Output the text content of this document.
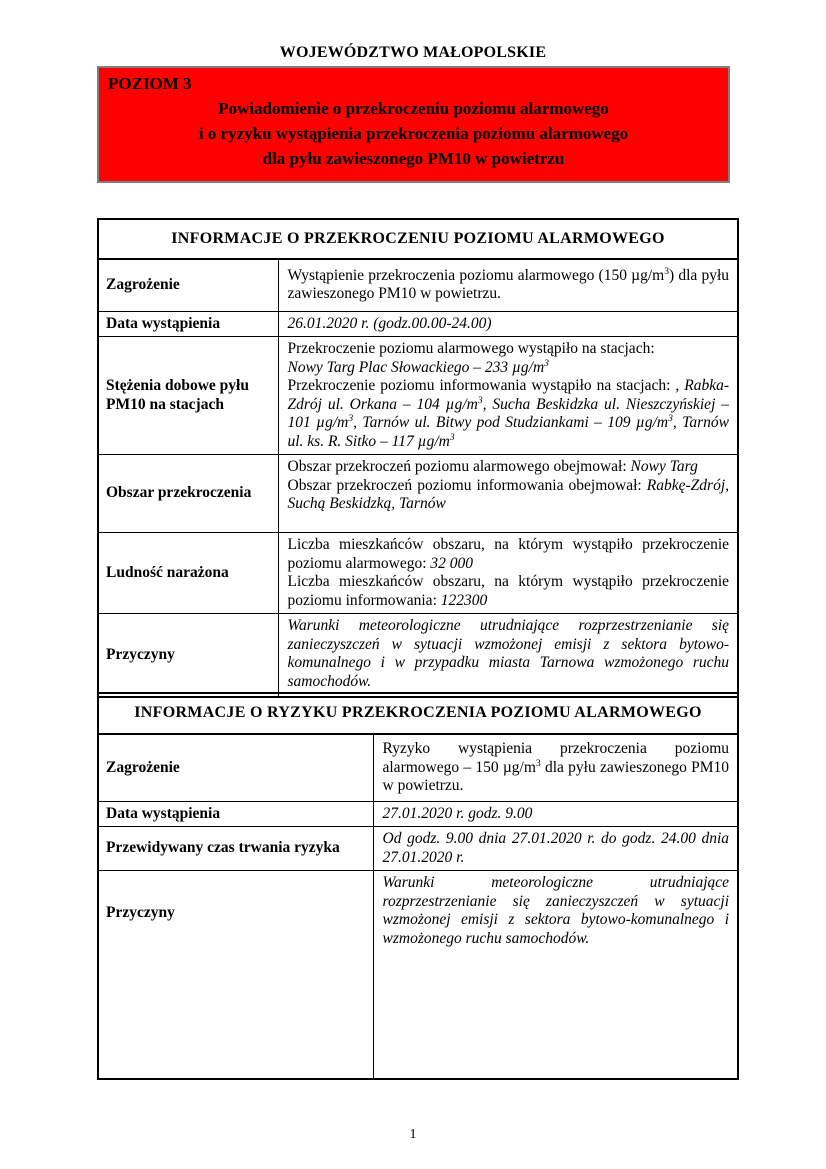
WOJEWÓDZTWO MAŁOPOLSKIE
POZIOM 3
Powiadomienie o przekroczeniu poziomu alarmowego
i o ryzyku wystąpienia przekroczenia poziomu alarmowego
dla pyłu zawieszonego PM10 w powietrzu
INFORMACJE O PRZEKROCZENIU POZIOMU ALARMOWEGO	
Zagrożenie	Wystąpienie przekroczenia poziomu alarmowego (150 $\mu g/m^3$) dla pyłu zawieszonego PM10 w powietrzu.
Data wystąpienia	26.01.2020 r. (godz.00.00-24.00)
Stężenia dobowe pyłu PM10 na stacjach	Przekroczenie poziomu alarmowego wystąpiło na stacjach:
Nowy Targ Plac Słowackiego – 233 $\mu g/m^3$
Przekroczenie poziomu informowania wystąpiło na stacjach: , Rabka-Zdrój ul. Orkana – 104 $\mu g/m^3$, Sucha Beskidzka ul. Nieszczyńskiej – 101 $\mu g/m^3$, Tarnów ul. Bitwy pod Studziankami – 109 $\mu g/m^3$, Tarnów ul. ks. R. Sitko – 117 $\mu g/m^3$
Obszar przekroczenia	Obszar przekroczeń poziomu alarmowego obejmował: Nowy Targ
Obszar przekroczeń poziomu informowania obejmował: Rabkę-Zdrój, Suchą Beskidzką, Tarnów
Ludność narażona	Liczba mieszkańców obszaru, na którym wystąpiło przekroczenie poziomu alarmowego: 32 000
Liczba mieszkańców obszaru, na którym wystąpiło przekroczenie poziomu informowania: 122300
Przyczyny	Warunki meteorologiczne utrudniające rozprzestrzenianie się zanieczyszczeń w sytuacji wzmożonej emisji z sektora bytowo-komunalnego i w przypadku miasta Tarnowa wzmożonego ruchu samochodów.
INFORMACJE O RYZYKU PRZEKROCZENIA POZIOMU ALARMOWEGO	
Zagrożenie	Ryzyko wystąpienia przekroczenia poziomu alarmowego – 150 $\mu g/m^3$ dla pyłu zawieszonego PM10 w powietrzu.
Data wystąpienia	27.01.2020 r. godz. 9.00
Przewidywany czas trwania ryzyka	Od godz. 9.00 dnia 27.01.2020 r. do godz. 24.00 dnia 27.01.2020 r.
Przyczyny	Warunki meteorologiczne utrudniające rozprzestrzenianie się zanieczyszczeń w sytuacji wzmożonej emisji z sektora bytowo-komunalnego i wzmożonego ruchu samochodów.
1
